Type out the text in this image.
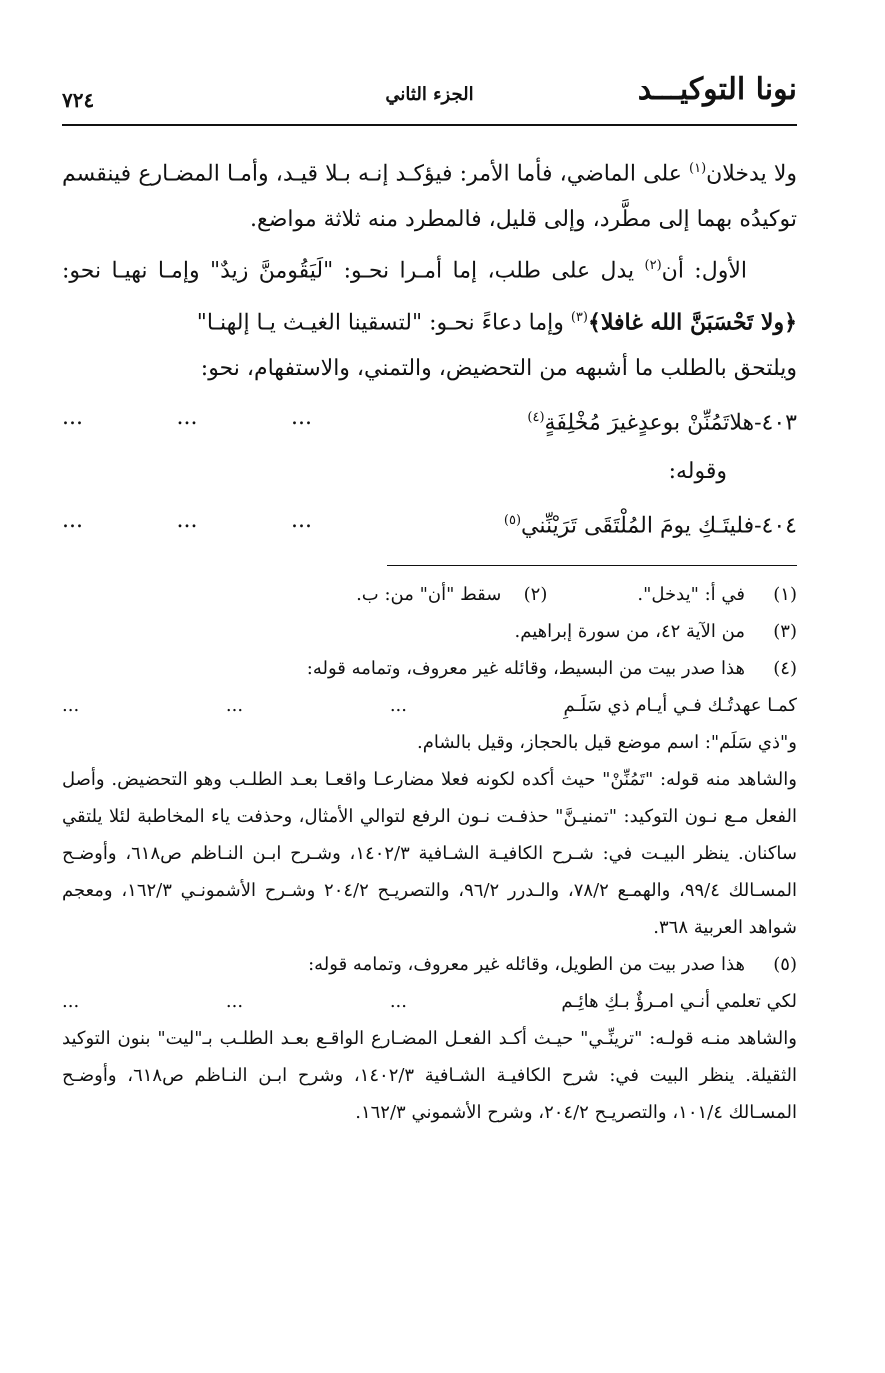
نونا التوكيـــد
الجزء الثاني
٧٢٤

ولا يدخلان$^{(١)}$ على الماضي، فأما الأمر: فيؤكـد إنـه بـلا قيـد، وأمـا المضـارع فينقسم توكيدُه بهما إلى مطَّرد، وإلى قليل، فالمطرد منه ثلاثة مواضع.

الأول: أن$^{(٢)}$ يدل على طلب، إما أمـرا نحـو: "لَيَقُومنَّ زيدٌ" وإمـا نهيـا نحو: ﴿ولا تَحْسَبَنَّ الله غافلا﴾$^{(٣)}$ وإما دعاءً نحـو: "لتسقينا الغيـث يـا إلهنـا"

ويلتحق بالطلب ما أشبهه من التحضيض، والتمني، والاستفهام، نحو:

٤٠٣-هلاتَمُنِّنْ بوعدٍغيرَ مُخْلِفَةٍ$^{(٤)}$
...
...
...

وقوله:

٤٠٤-فليتَـكِ يومَ المُلْتَقَى تَرَيْنِّني$^{(٥)}$
...
...
...
(١)
في أ: "يدخل".
(٢)
سقط "أن" من: ب.
(٣)
من الآية ٤٢، من سورة إبراهيم.
(٤)
هذا صدر بيت من البسيط، وقائله غير معروف، وتمامه قوله:
كمـا عهدتُـك فـي أيـام ذي سَلَـمِ
...
...
...
و"ذي سَلَم": اسم موضع قيل بالحجاز، وقيل بالشام.
والشاهد منه قوله: "تَمُنِّنْ" حيث أكده لكونه فعلا مضارعـا واقعـا بعـد الطلـب وهو التحضيض. وأصل الفعل مـع نـون التوكيد: "تمنيـنَّ" حذفـت نـون الرفع لتوالي الأمثال، وحذفت ياء المخاطبة لئلا يلتقي ساكنان. ينظر البيـت في: شـرح الكافيـة الشـافية ١٤٠٢/٣، وشـرح ابـن النـاظم ص٦١٨، وأوضـح المسـالك ٩٩/٤، والهمـع ٧٨/٢، والـدرر ٩٦/٢، والتصريـح ٢٠٤/٢ وشـرح الأشمونـي ١٦٢/٣، ومعجم شواهد العربية ٣٦٨.
(٥)
هذا صدر بيت من الطويل، وقائله غير معروف، وتمامه قوله:
لكي تعلمي أنـي امـرؤٌ بـكِ هائِـم
...
...
...
والشاهد منـه قولـه: "ترينِّـي" حيـث أكـد الفعـل المضـارع الواقـع بعـد الطلـب بـ"ليت" بنون التوكيد الثقيلة. ينظر البيت في: شرح الكافيـة الشـافية ١٤٠٢/٣، وشرح ابـن النـاظم ص٦١٨، وأوضـح المسـالك ١٠١/٤، والتصريـح ٢٠٤/٢، وشرح الأشموني ١٦٢/٣.
